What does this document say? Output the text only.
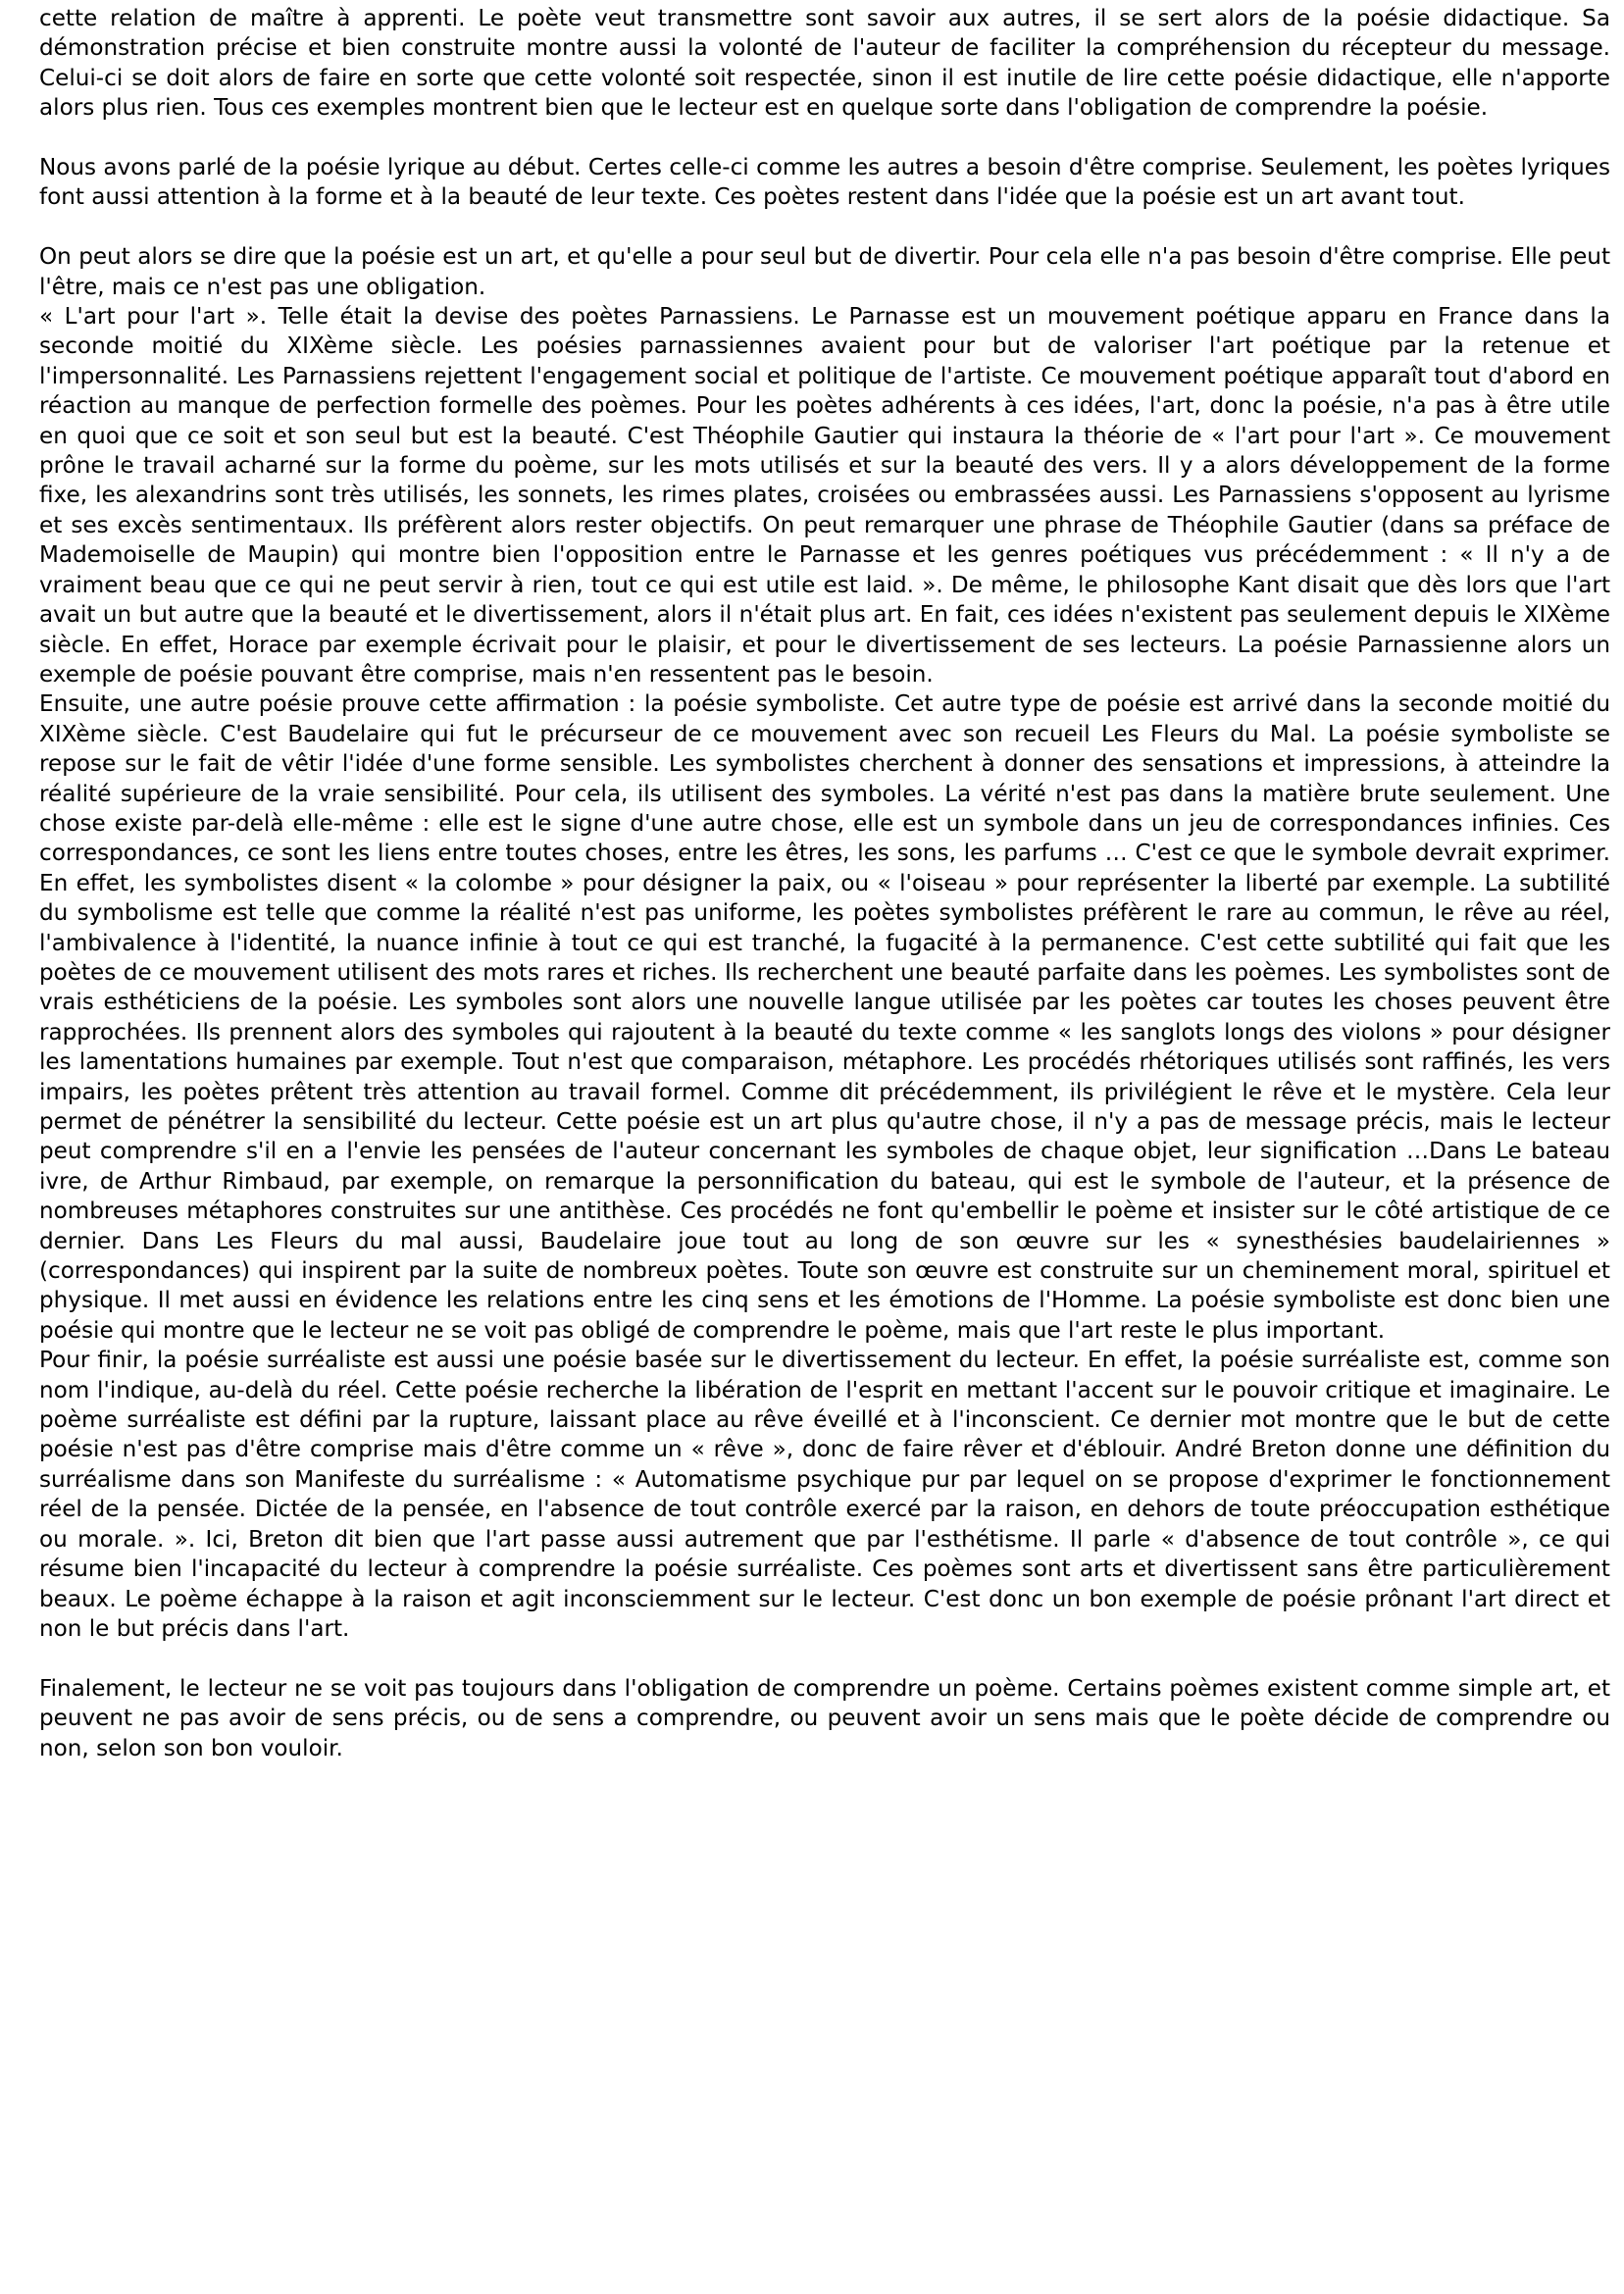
cette relation de maître à apprenti. Le poète veut transmettre sont savoir aux autres, il se sert alors de la poésie didactique. Sa démonstration précise et bien construite montre aussi la volonté de l'auteur de faciliter la compréhension du récepteur du message. Celui-ci se doit alors de faire en sorte que cette volonté soit respectée, sinon il est inutile de lire cette poésie didactique, elle n'apporte alors plus rien. Tous ces exemples montrent bien que le lecteur est en quelque sorte dans l'obligation de comprendre la poésie.

Nous avons parlé de la poésie lyrique au début. Certes celle-ci comme les autres a besoin d'être comprise. Seulement, les poètes lyriques font aussi attention à la forme et à la beauté de leur texte. Ces poètes restent dans l'idée que la poésie est un art avant tout.

On peut alors se dire que la poésie est un art, et qu'elle a pour seul but de divertir. Pour cela elle n'a pas besoin d'être comprise. Elle peut l'être, mais ce n'est pas une obligation.

« L'art pour l'art ». Telle était la devise des poètes Parnassiens. Le Parnasse est un mouvement poétique apparu en France dans la seconde moitié du XIXème siècle. Les poésies parnassiennes avaient pour but de valoriser l'art poétique par la retenue et l'impersonnalité. Les Parnassiens rejettent l'engagement social et politique de l'artiste. Ce mouvement poétique apparaît tout d'abord en réaction au manque de perfection formelle des poèmes. Pour les poètes adhérents à ces idées, l'art, donc la poésie, n'a pas à être utile en quoi que ce soit et son seul but est la beauté. C'est Théophile Gautier qui instaura la théorie de « l'art pour l'art ». Ce mouvement prône le travail acharné sur la forme du poème, sur les mots utilisés et sur la beauté des vers. Il y a alors développement de la forme fixe, les alexandrins sont très utilisés, les sonnets, les rimes plates, croisées ou embrassées aussi. Les Parnassiens s'opposent au lyrisme et ses excès sentimentaux. Ils préfèrent alors rester objectifs. On peut remarquer une phrase de Théophile Gautier (dans sa préface de Mademoiselle de Maupin) qui montre bien l'opposition entre le Parnasse et les genres poétiques vus précédemment : « Il n'y a de vraiment beau que ce qui ne peut servir à rien, tout ce qui est utile est laid. ». De même, le philosophe Kant disait que dès lors que l'art avait un but autre que la beauté et le divertissement, alors il n'était plus art. En fait, ces idées n'existent pas seulement depuis le XIXème siècle. En effet, Horace par exemple écrivait pour le plaisir, et pour le divertissement de ses lecteurs. La poésie Parnassienne alors un exemple de poésie pouvant être comprise, mais n'en ressentent pas le besoin.

Ensuite, une autre poésie prouve cette affirmation : la poésie symboliste. Cet autre type de poésie est arrivé dans la seconde moitié du XIXème siècle. C'est Baudelaire qui fut le précurseur de ce mouvement avec son recueil Les Fleurs du Mal. La poésie symboliste se repose sur le fait de vêtir l'idée d'une forme sensible. Les symbolistes cherchent à donner des sensations et impressions, à atteindre la réalité supérieure de la vraie sensibilité. Pour cela, ils utilisent des symboles. La vérité n'est pas dans la matière brute seulement. Une chose existe par-delà elle-même : elle est le signe d'une autre chose, elle est un symbole dans un jeu de correspondances infinies. Ces correspondances, ce sont les liens entre toutes choses, entre les êtres, les sons, les parfums … C'est ce que le symbole devrait exprimer. En effet, les symbolistes disent « la colombe » pour désigner la paix, ou « l'oiseau » pour représenter la liberté par exemple. La subtilité du symbolisme est telle que comme la réalité n'est pas uniforme, les poètes symbolistes préfèrent le rare au commun, le rêve au réel, l'ambivalence à l'identité, la nuance infinie à tout ce qui est tranché, la fugacité à la permanence. C'est cette subtilité qui fait que les poètes de ce mouvement utilisent des mots rares et riches. Ils recherchent une beauté parfaite dans les poèmes. Les symbolistes sont de vrais esthéticiens de la poésie. Les symboles sont alors une nouvelle langue utilisée par les poètes car toutes les choses peuvent être rapprochées. Ils prennent alors des symboles qui rajoutent à la beauté du texte comme « les sanglots longs des violons » pour désigner les lamentations humaines par exemple. Tout n'est que comparaison, métaphore. Les procédés rhétoriques utilisés sont raffinés, les vers impairs, les poètes prêtent très attention au travail formel. Comme dit précédemment, ils privilégient le rêve et le mystère. Cela leur permet de pénétrer la sensibilité du lecteur. Cette poésie est un art plus qu'autre chose, il n'y a pas de message précis, mais le lecteur peut comprendre s'il en a l'envie les pensées de l'auteur concernant les symboles de chaque objet, leur signification …Dans Le bateau ivre, de Arthur Rimbaud, par exemple, on remarque la personnification du bateau, qui est le symbole de l'auteur, et la présence de nombreuses métaphores construites sur une antithèse. Ces procédés ne font qu'embellir le poème et insister sur le côté artistique de ce dernier. Dans Les Fleurs du mal aussi, Baudelaire joue tout au long de son œuvre sur les « synesthésies baudelairiennes » (correspondances) qui inspirent par la suite de nombreux poètes. Toute son œuvre est construite sur un cheminement moral, spirituel et physique. Il met aussi en évidence les relations entre les cinq sens et les émotions de l'Homme. La poésie symboliste est donc bien une poésie qui montre que le lecteur ne se voit pas obligé de comprendre le poème, mais que l'art reste le plus important.

Pour finir, la poésie surréaliste est aussi une poésie basée sur le divertissement du lecteur. En effet, la poésie surréaliste est, comme son nom l'indique, au-delà du réel. Cette poésie recherche la libération de l'esprit en mettant l'accent sur le pouvoir critique et imaginaire. Le poème surréaliste est défini par la rupture, laissant place au rêve éveillé et à l'inconscient. Ce dernier mot montre que le but de cette poésie n'est pas d'être comprise mais d'être comme un « rêve », donc de faire rêver et d'éblouir. André Breton donne une définition du surréalisme dans son Manifeste du surréalisme : « Automatisme psychique pur par lequel on se propose d'exprimer le fonctionnement réel de la pensée. Dictée de la pensée, en l'absence de tout contrôle exercé par la raison, en dehors de toute préoccupation esthétique ou morale. ». Ici, Breton dit bien que l'art passe aussi autrement que par l'esthétisme. Il parle « d'absence de tout contrôle », ce qui résume bien l'incapacité du lecteur à comprendre la poésie surréaliste. Ces poèmes sont arts et divertissent sans être particulièrement beaux. Le poème échappe à la raison et agit inconsciemment sur le lecteur. C'est donc un bon exemple de poésie prônant l'art direct et non le but précis dans l'art.

Finalement, le lecteur ne se voit pas toujours dans l'obligation de comprendre un poème. Certains poèmes existent comme simple art, et peuvent ne pas avoir de sens précis, ou de sens a comprendre, ou peuvent avoir un sens mais que le poète décide de comprendre ou non, selon son bon vouloir.
